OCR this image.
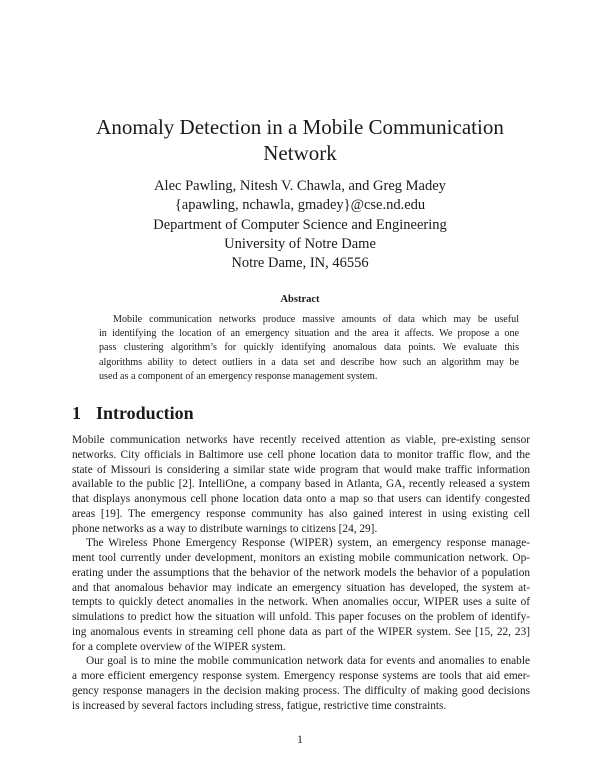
Anomaly Detection in a Mobile Communication
Network
Alec Pawling, Nitesh V. Chawla, and Greg Madey
{apawling, nchawla, gmadey}@cse.nd.edu
Department of Computer Science and Engineering
University of Notre Dame
Notre Dame, IN, 46556
Abstract
Mobile communication networks produce massive amounts of data which may be useful
in identifying the location of an emergency situation and the area it affects. We propose a one
pass clustering algorithm’s for quickly identifying anomalous data points. We evaluate this
algorithms ability to detect outliers in a data set and describe how such an algorithm may be
used as a component of an emergency response management system.
1 Introduction
Mobile communication networks have recently received attention as viable, pre-existing sensor
networks. City officials in Baltimore use cell phone location data to monitor traffic flow, and the
state of Missouri is considering a similar state wide program that would make traffic information
available to the public [2]. IntelliOne, a company based in Atlanta, GA, recently released a system
that displays anonymous cell phone location data onto a map so that users can identify congested
areas [19]. The emergency response community has also gained interest in using existing cell
phone networks as a way to distribute warnings to citizens [24, 29].
The Wireless Phone Emergency Response (WIPER) system, an emergency response manage-
ment tool currently under development, monitors an existing mobile communication network. Op-
erating under the assumptions that the behavior of the network models the behavior of a population
and that anomalous behavior may indicate an emergency situation has developed, the system at-
tempts to quickly detect anomalies in the network. When anomalies occur, WIPER uses a suite of
simulations to predict how the situation will unfold. This paper focuses on the problem of identify-
ing anomalous events in streaming cell phone data as part of the WIPER system. See [15, 22, 23]
for a complete overview of the WIPER system.
Our goal is to mine the mobile communication network data for events and anomalies to enable
a more efficient emergency response system. Emergency response systems are tools that aid emer-
gency response managers in the decision making process. The difficulty of making good decisions
is increased by several factors including stress, fatigue, restrictive time constraints.
1
